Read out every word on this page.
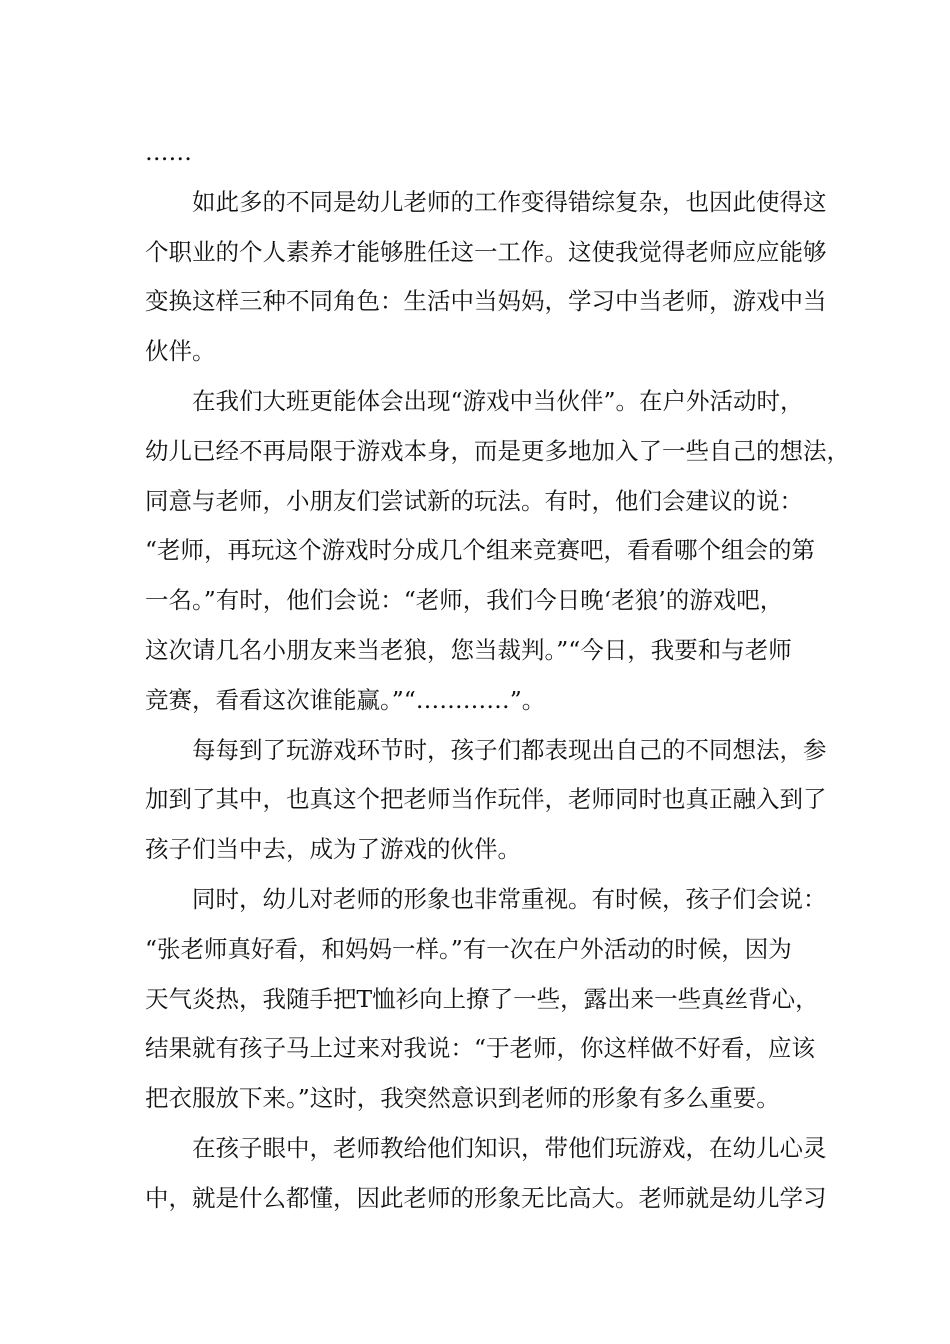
……
如此多的不同是幼儿老师的工作变得错综复杂，也因此使得这
个职业的个人素养才能够胜任这一工作。这使我觉得老师应应能够
变换这样三种不同角色：生活中当妈妈，学习中当老师，游戏中当
伙伴。
在我们大班更能体会出现“游戏中当伙伴”。在户外活动时，
幼儿已经不再局限于游戏本身，而是更多地加入了一些自己的想法，
同意与老师，小朋友们尝试新的玩法。有时，他们会建议的说：
“老师，再玩这个游戏时分成几个组来竞赛吧，看看哪个组会的第
一名。”有时，他们会说：“老师，我们今日晚‘老狼’的游戏吧，
这次请几名小朋友来当老狼，您当裁判。”“今日，我要和与老师
竞赛，看看这次谁能赢。”“…………”。
每每到了玩游戏环节时，孩子们都表现出自己的不同想法，参
加到了其中，也真这个把老师当作玩伴，老师同时也真正融入到了
孩子们当中去，成为了游戏的伙伴。
同时，幼儿对老师的形象也非常重视。有时候，孩子们会说：
“张老师真好看，和妈妈一样。”有一次在户外活动的时候，因为
天气炎热，我随手把T恤衫向上撩了一些，露出来一些真丝背心，
结果就有孩子马上过来对我说：“于老师，你这样做不好看，应该
把衣服放下来。”这时，我突然意识到老师的形象有多么重要。
在孩子眼中，老师教给他们知识，带他们玩游戏，在幼儿心灵
中，就是什么都懂，因此老师的形象无比高大。老师就是幼儿学习
